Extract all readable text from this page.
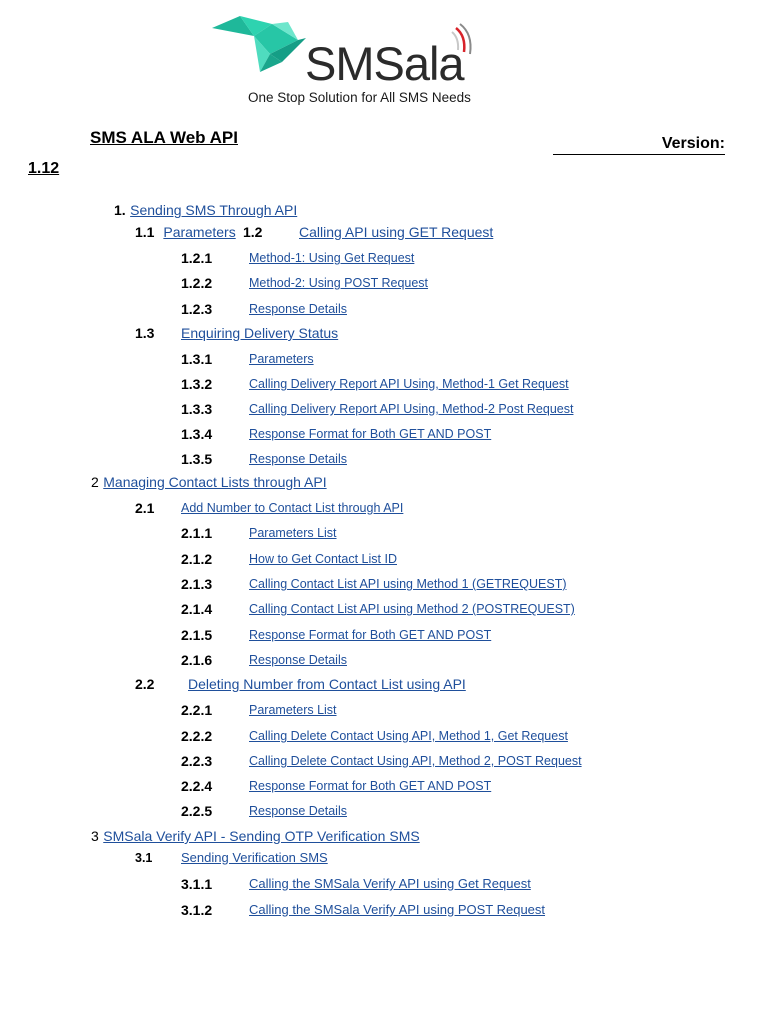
SMSala
One Stop Solution for All SMS Needs
SMS ALA Web API	Version:
1.12
1. Sending SMS Through API
1.1 Parameters 1.2	Calling API using GET Request
1.2.1	Method-1: Using Get Request
1.2.2	Method-2: Using POST Request
1.2.3	Response Details
1.3 Enquiring Delivery Status
1.3.1	Parameters
1.3.2	Calling Delivery Report API Using, Method-1 Get Request
1.3.3	Calling Delivery Report API Using, Method-2 Post Request
1.3.4	Response Format for Both GET AND POST
1.3.5	Response Details
2 Managing Contact Lists through API
2.1 Add Number to Contact List through API
2.1.1	Parameters List
2.1.2	How to Get Contact List ID
2.1.3	Calling Contact List API using Method 1 (GETREQUEST)
2.1.4	Calling Contact List API using Method 2 (POSTREQUEST)
2.1.5	Response Format for Both GET AND POST
2.1.6	Response Details
2.2 Deleting Number from Contact List using API
2.2.1	Parameters List
2.2.2	Calling Delete Contact Using API, Method 1, Get Request
2.2.3	Calling Delete Contact Using API, Method 2, POST Request
2.2.4	Response Format for Both GET AND POST
2.2.5	Response Details
3 SMSala Verify API - Sending OTP Verification SMS
3.1 Sending Verification SMS
3.1.1	Calling the SMSala Verify API using Get Request
3.1.2	Calling the SMSala Verify API using POST Request
